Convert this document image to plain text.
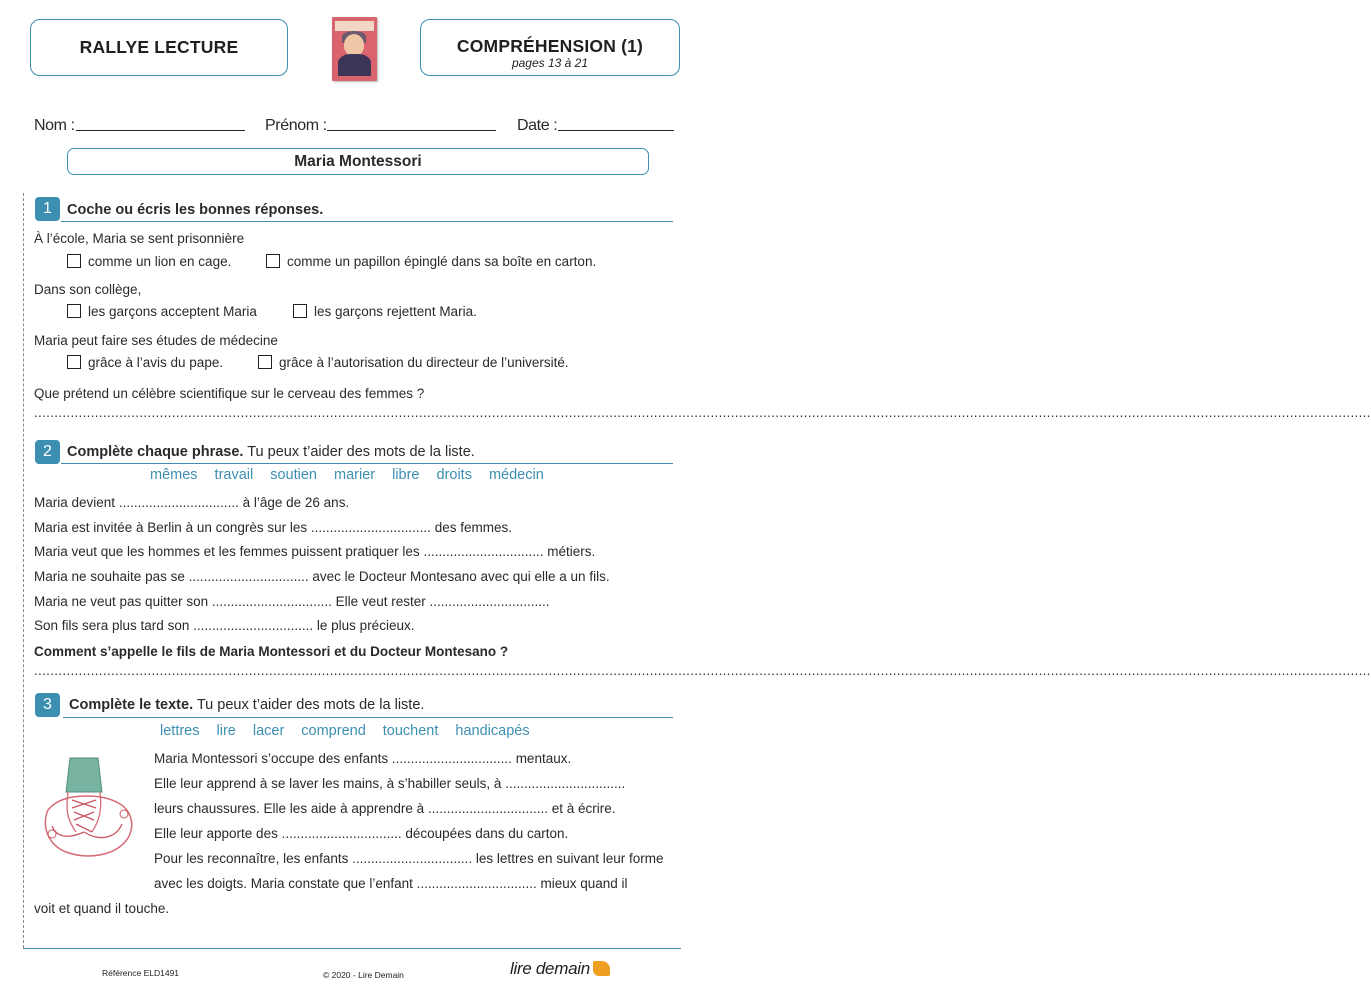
RALLYE LECTURE	COMPRÉHENSION (1)
pages 13 à 21
Nom :	Prénom :	Date :
Maria Montessori
1	Coche ou écris les bonnes réponses.
À l’école, Maria se sent prisonnière
comme un lion en cage.	comme un papillon épinglé dans sa boîte en carton.
Dans son collège,
les garçons acceptent Maria	les garçons rejettent Maria.
Maria peut faire ses études de médecine
grâce à l’avis du pape.	grâce à l’autorisation du directeur de l’université.
Que prétend un célèbre scientifique sur le cerveau des femmes ?
..........................................................................................................................................................................................................................................................................................................................................
2	Complète chaque phrase. Tu peux t’aider des mots de la liste.
mêmes travail soutien marier libre droits médecin
Maria devient ................................ à l’âge de 26 ans.
Maria est invitée à Berlin à un congrès sur les ................................ des femmes.
Maria veut que les hommes et les femmes puissent pratiquer les ................................ métiers.
Maria ne souhaite pas se ................................ avec le Docteur Montesano avec qui elle a un fils.
Maria ne veut pas quitter son ................................ Elle veut rester ................................
Son fils sera plus tard son ................................ le plus précieux.
Comment s’appelle le fils de Maria Montessori et du Docteur Montesano ?
..........................................................................................................................................................................................................................................................................................................................................
3	Complète le texte. Tu peux t’aider des mots de la liste.
lettres lire lacer comprend touchent handicapés
Maria Montessori s’occupe des enfants ................................ mentaux.
Elle leur apprend à se laver les mains, à s’habiller seuls, à ................................
leurs chaussures. Elle les aide à apprendre à ................................ et à écrire.
Elle leur apporte des ................................ découpées dans du carton.
Pour les reconnaître, les enfants ................................ les lettres en suivant leur forme
avec les doigts. Maria constate que l’enfant ................................ mieux quand il
voit et quand il touche.
Référence ELD1491	© 2020 - Lire Demain	lire demain
